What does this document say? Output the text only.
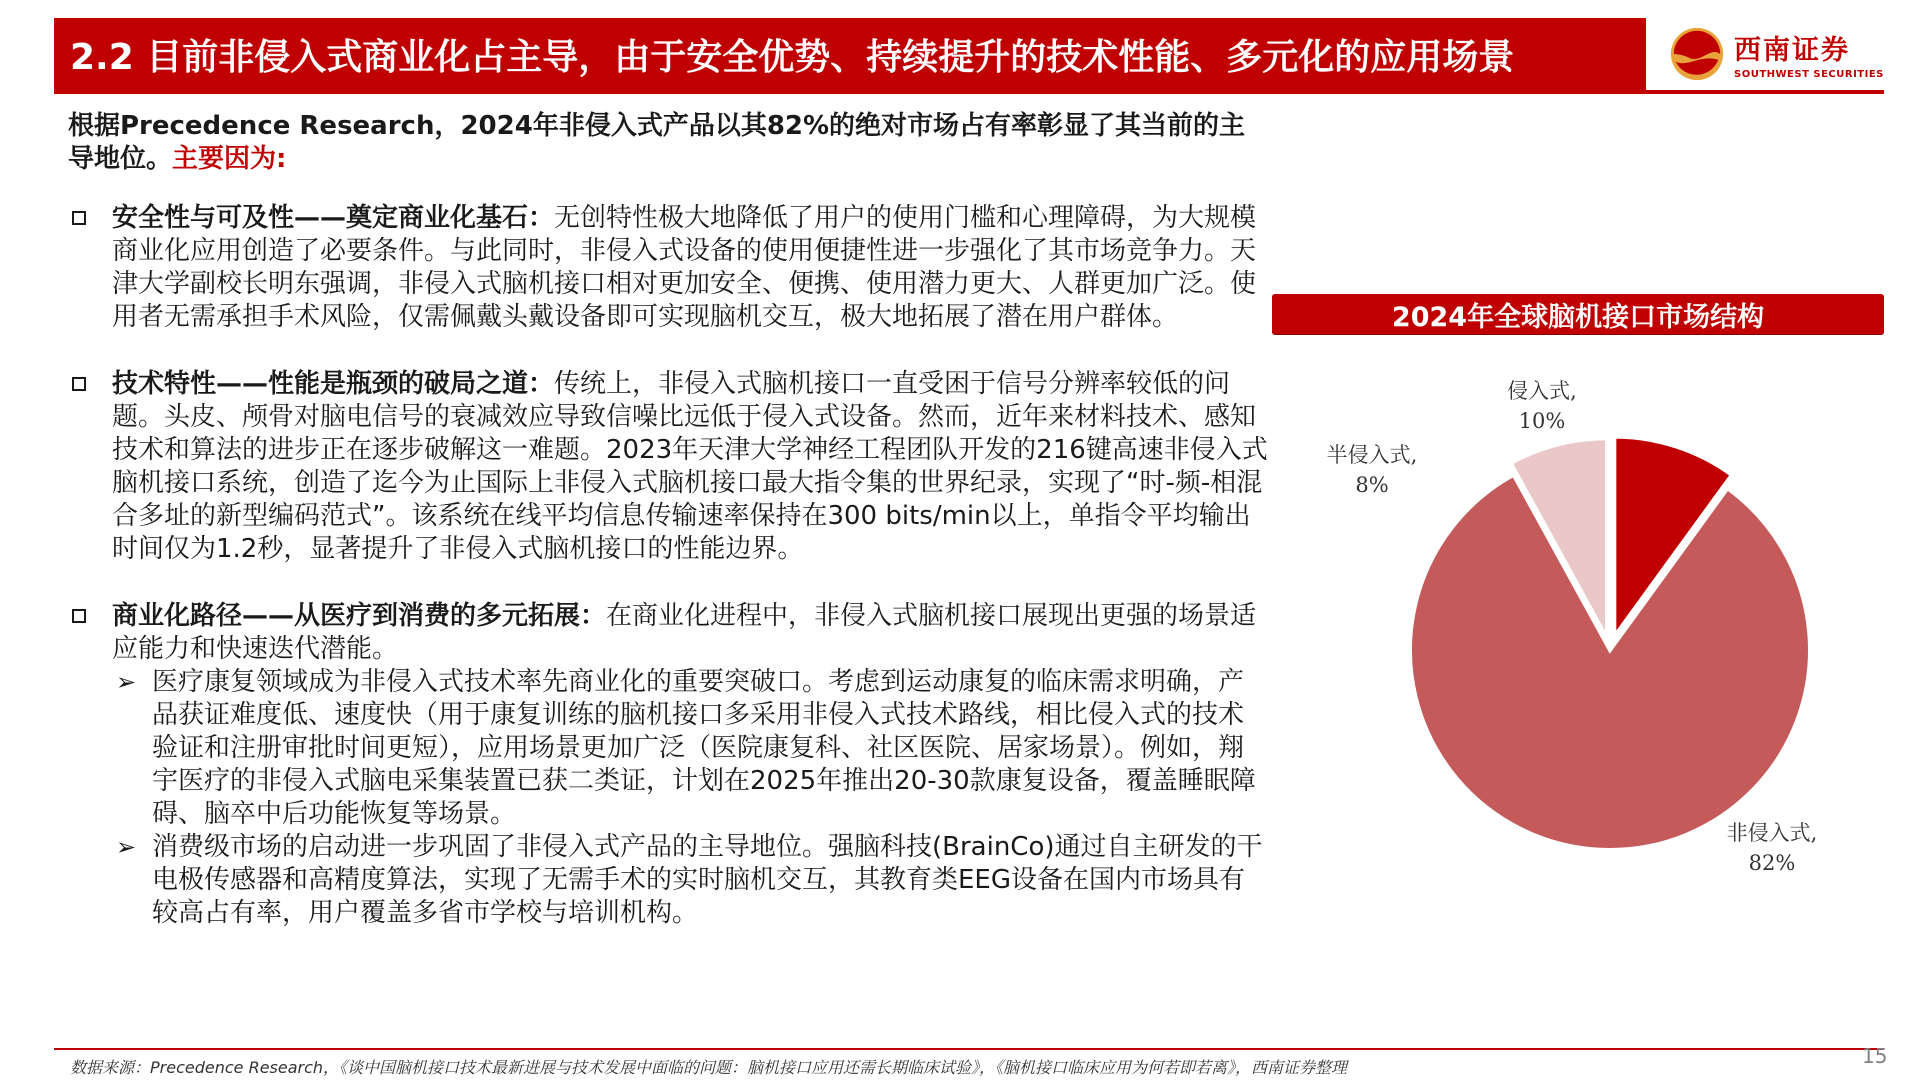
2.2 目前非侵入式商业化占主导，由于安全优势、持续提升的技术性能、多元化的应用场景	西南证券
SOUTHWEST SECURITIES
根据Precedence Research，2024年非侵入式产品以其82%的绝对市场占有率彰显了其当前的主导地位。主要因为:
安全性与可及性——奠定商业化基石：无创特性极大地降低了用户的使用门槛和心理障碍，为大规模商业化应用创造了必要条件。与此同时，非侵入式设备的使用便捷性进一步强化了其市场竞争力。天津大学副校长明东强调，非侵入式脑机接口相对更加安全、便携、使用潜力更大、人群更加广泛。使用者无需承担手术风险，仅需佩戴头戴设备即可实现脑机交互，极大地拓展了潜在用户群体。
技术特性——性能是瓶颈的破局之道：传统上，非侵入式脑机接口一直受困于信号分辨率较低的问题。头皮、颅骨对脑电信号的衰减效应导致信噪比远低于侵入式设备。然而，近年来材料技术、感知技术和算法的进步正在逐步破解这一难题。2023年天津大学神经工程团队开发的216键高速非侵入式脑机接口系统，创造了迄今为止国际上非侵入式脑机接口最大指令集的世界纪录，实现了“时-频-相混合多址的新型编码范式”。该系统在线平均信息传输速率保持在300 bits/min以上，单指令平均输出时间仅为1.2秒，显著提升了非侵入式脑机接口的性能边界。
商业化路径——从医疗到消费的多元拓展：在商业化进程中，非侵入式脑机接口展现出更强的场景适应能力和快速迭代潜能。
➢ 医疗康复领域成为非侵入式技术率先商业化的重要突破口。考虑到运动康复的临床需求明确，产品获证难度低、速度快（用于康复训练的脑机接口多采用非侵入式技术路线，相比侵入式的技术验证和注册审批时间更短），应用场景更加广泛（医院康复科、社区医院、居家场景）。例如，翔宇医疗的非侵入式脑电采集装置已获二类证，计划在2025年推出20-30款康复设备，覆盖睡眠障碍、脑卒中后功能恢复等场景。
➢ 消费级市场的启动进一步巩固了非侵入式产品的主导地位。强脑科技(BrainCo)通过自主研发的干电极传感器和高精度算法，实现了无需手术的实时脑机交互，其教育类EEG设备在国内市场具有较高占有率，用户覆盖多省市学校与培训机构。
2024年全球脑机接口市场结构
侵入式,
10%
非侵入式,
82%
半侵入式,
8%
数据来源：Precedence Research，《谈中国脑机接口技术最新进展与技术发展中面临的问题：脑机接口应用还需长期临床试验》，《脑机接口临床应用为何若即若离》，西南证券整理	15
